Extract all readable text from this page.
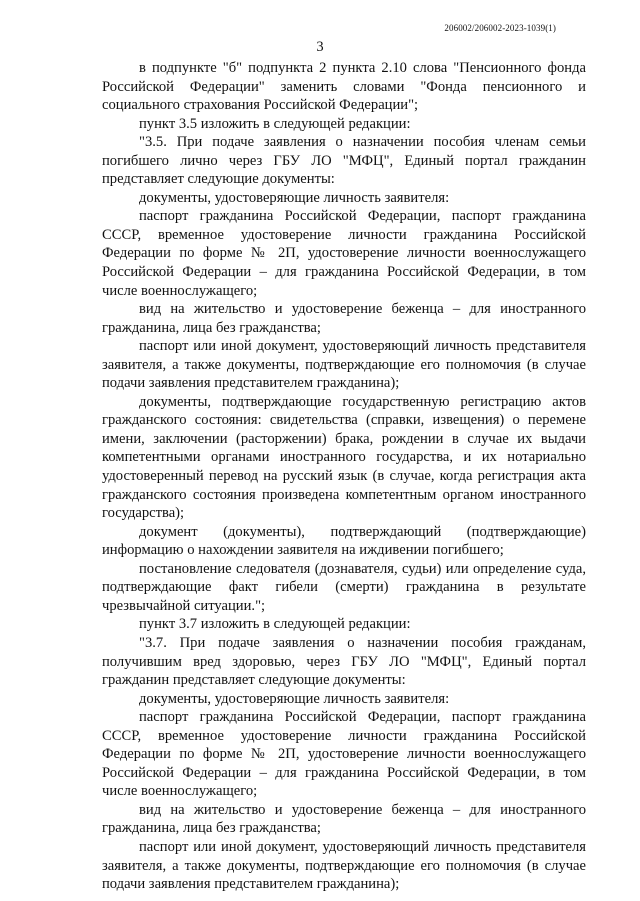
206002/206002-2023-1039(1)
3

в подпункте "б" подпункта 2 пункта 2.10 слова "Пенсионного фонда Российской Федерации" заменить словами "Фонда пенсионного и социального страхования Российской Федерации";

пункт 3.5 изложить в следующей редакции:

"3.5. При подаче заявления о назначении пособия членам семьи погибшего лично через ГБУ ЛО "МФЦ", Единый портал гражданин представляет следующие документы:

документы, удостоверяющие личность заявителя:

паспорт гражданина Российской Федерации, паспорт гражданина СССР, временное удостоверение личности гражданина Российской Федерации по форме № 2П, удостоверение личности военнослужащего Российской Федерации – для гражданина Российской Федерации, в том числе военнослужащего;

вид на жительство и удостоверение беженца – для иностранного гражданина, лица без гражданства;

паспорт или иной документ, удостоверяющий личность представителя заявителя, а также документы, подтверждающие его полномочия (в случае подачи заявления представителем гражданина);

документы, подтверждающие государственную регистрацию актов гражданского состояния: свидетельства (справки, извещения) о перемене имени, заключении (расторжении) брака, рождении в случае их выдачи компетентными органами иностранного государства, и их нотариально удостоверенный перевод на русский язык (в случае, когда регистрация акта гражданского состояния произведена компетентным органом иностранного государства);

документ (документы), подтверждающий (подтверждающие) информацию о нахождении заявителя на иждивении погибшего;

постановление следователя (дознавателя, судьи) или определение суда, подтверждающие факт гибели (смерти) гражданина в результате чрезвычайной ситуации.";

пункт 3.7 изложить в следующей редакции:

"3.7. При подаче заявления о назначении пособия гражданам, получившим вред здоровью, через ГБУ ЛО "МФЦ", Единый портал гражданин представляет следующие документы:

документы, удостоверяющие личность заявителя:

паспорт гражданина Российской Федерации, паспорт гражданина СССР, временное удостоверение личности гражданина Российской Федерации по форме № 2П, удостоверение личности военнослужащего Российской Федерации – для гражданина Российской Федерации, в том числе военнослужащего;

вид на жительство и удостоверение беженца – для иностранного гражданина, лица без гражданства;

паспорт или иной документ, удостоверяющий личность представителя заявителя, а также документы, подтверждающие его полномочия (в случае подачи заявления представителем гражданина);
